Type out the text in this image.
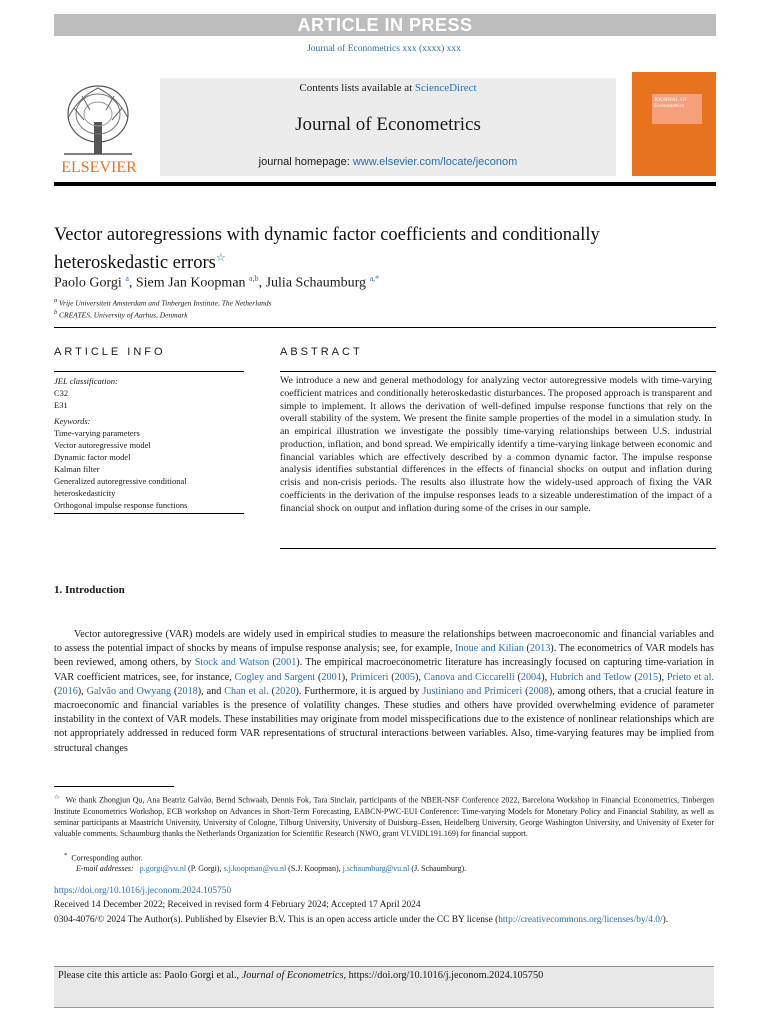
ARTICLE IN PRESS
Journal of Econometrics xxx (xxxx) xxx
ELSEVIER
Contents lists available at ScienceDirect
Journal of Econometrics
journal homepage: www.elsevier.com/locate/jeconom
JOURNAL OF Econometrics
Vector autoregressions with dynamic factor coefficients and conditionally heteroskedastic errors☆
Paolo Gorgi $^a$, Siem Jan Koopman $^{a,b}$, Julia Schaumburg $^{a,*}$
$^a$ Vrije Universiteit Amsterdam and Tinbergen Institute, The Netherlands
$^b$ CREATES, University of Aarhus, Denmark
ARTICLE INFO
JEL classification:
C32
E31
Keywords:
Time-varying parameters
Vector autoregressive model
Dynamic factor model
Kalman filter
Generalized autoregressive conditional
heteroskedasticity
Orthogonal impulse response functions
ABSTRACT
We introduce a new and general methodology for analyzing vector autoregressive models with time-varying coefficient matrices and conditionally heteroskedastic disturbances. The proposed approach is transparent and simple to implement. It allows the derivation of well-defined impulse response functions that rely on the overall stability of the system. We present the finite sample properties of the model in a simulation study. In an empirical illustration we investigate the possibly time-varying relationships between U.S. industrial production, inflation, and bond spread. We empirically identify a time-varying linkage between economic and financial variables which are effectively described by a common dynamic factor. The impulse response analysis identifies substantial differences in the effects of financial shocks on output and inflation during crisis and non-crisis periods. The results also illustrate how the widely-used approach of fixing the VAR coefficients in the derivation of the impulse responses leads to a sizeable underestimation of the impact of a financial shock on output and inflation during some of the crises in our sample.
1. Introduction
Vector autoregressive (VAR) models are widely used in empirical studies to measure the relationships between macroeconomic and financial variables and to assess the potential impact of shocks by means of impulse response analysis; see, for example, Inoue and Kilian (2013). The econometrics of VAR models has been reviewed, among others, by Stock and Watson (2001). The empirical macroeconometric literature has increasingly focused on capturing time-variation in VAR coefficient matrices, see, for instance, Cogley and Sargent (2001), Primiceri (2005), Canova and Ciccarelli (2004), Hubrich and Tetlow (2015), Prieto et al. (2016), Galvão and Owyang (2018), and Chan et al. (2020). Furthermore, it is argued by Justiniano and Primiceri (2008), among others, that a crucial feature in macroeconomic and financial variables is the presence of volatility changes. These studies and others have provided overwhelming evidence of parameter instability in the context of VAR models. These instabilities may originate from model misspecifications due to the existence of nonlinear relationships which are not appropriately addressed in reduced form VAR representations of structural interactions between variables. Also, time-varying features may be implied from structural changes
☆ We thank Zhongjun Qu, Ana Beatriz Galvão, Bernd Schwaab, Dennis Fok, Tara Sinclair, participants of the NBER-NSF Conference 2022, Barcelona Workshop in Financial Econometrics, Tinbergen Institute Econometrics Workshop, ECB workshop on Advances in Short-Term Forecasting, EABCN-PWC-EUI Conference: Time-varying Models for Monetary Policy and Financial Stability, as well as seminar participants at Maastricht University, University of Cologne, Tilburg University, University of Duisburg–Essen, Heidelberg University, George Washington University, and University of Exeter for valuable comments. Schaumburg thanks the Netherlands Organization for Scientific Research (NWO, grant VI.VIDI.191.169) for financial support.
* Corresponding author.
E-mail addresses: p.gorgi@vu.nl (P. Gorgi), s.j.koopman@vu.nl (S.J. Koopman), j.schaumburg@vu.nl (J. Schaumburg).
https://doi.org/10.1016/j.jeconom.2024.105750
Received 14 December 2022; Received in revised form 4 February 2024; Accepted 17 April 2024
0304-4076/© 2024 The Author(s). Published by Elsevier B.V. This is an open access article under the CC BY license (http://creativecommons.org/licenses/by/4.0/).
Please cite this article as: Paolo Gorgi et al., Journal of Econometrics, https://doi.org/10.1016/j.jeconom.2024.105750
